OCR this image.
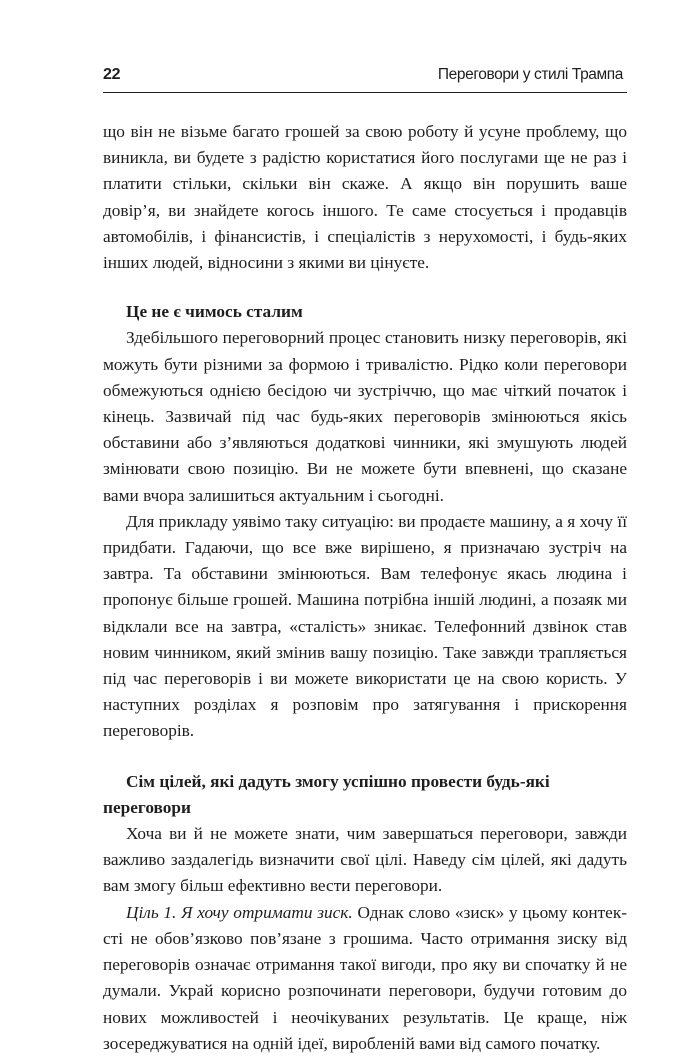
22	Переговори у стилі Трампа

що він не візьме багато грошей за свою роботу й усуне проблему, що виникла, ви будете з радістю користатися його послугами ще не раз і платити стільки, скільки він скаже. А якщо він порушить ваше довір’я, ви знайдете когось іншого. Те саме стосується і продавців автомобілів, і фінансистів, і спеціалістів з нерухомості, і будь-яких інших людей, відносини з якими ви цінуєте.

Це не є чимось сталим

Здебільшого переговорний процес становить низку переговорів, які можуть бути різними за формою і тривалістю. Рідко коли переговори обмежуються однією бесідою чи зустріччю, що має чіткий початок і кінець. Зазвичай під час будь-яких переговорів змінюються якісь обставини або з’являються додаткові чинники, які змушують людей змінювати свою позицію. Ви не можете бути впевнені, що сказане вами вчора залишиться актуальним і сьогодні.

Для прикладу уявімо таку ситуацію: ви продаєте машину, а я хочу її придбати. Гадаючи, що все вже вирішено, я призначаю зустріч на завтра. Та обставини змінюються. Вам телефонує якась людина і пропонує більше грошей. Машина потрібна іншій людині, а позаяк ми відклали все на завтра, «сталість» зникає. Телефонний дзвінок став новим чинником, який змінив вашу позицію. Таке завжди трапляється під час переговорів і ви можете використати це на свою користь. У наступних розділах я розповім про затягування і прискорення переговорів.

Сім цілей, які дадуть змогу успішно провести будь-які переговори

Хоча ви й не можете знати, чим завершаться переговори, завжди важливо заздалегідь визначити свої цілі. Наведу сім цілей, які дадуть вам змогу більш ефективно вести переговори.

Ціль 1. Я хочу отримати зиск. Однак слово «зиск» у цьому контексті не обов’язково пов’язане з грошима. Часто отримання зиску від переговорів означає отримання такої вигоди, про яку ви спочатку й не думали. Украй корисно розпочинати переговори, будучи готовим до нових можливостей і неочікуваних результатів. Це краще, ніж зосереджуватися на одній ідеї, виробленій вами від самого початку.
